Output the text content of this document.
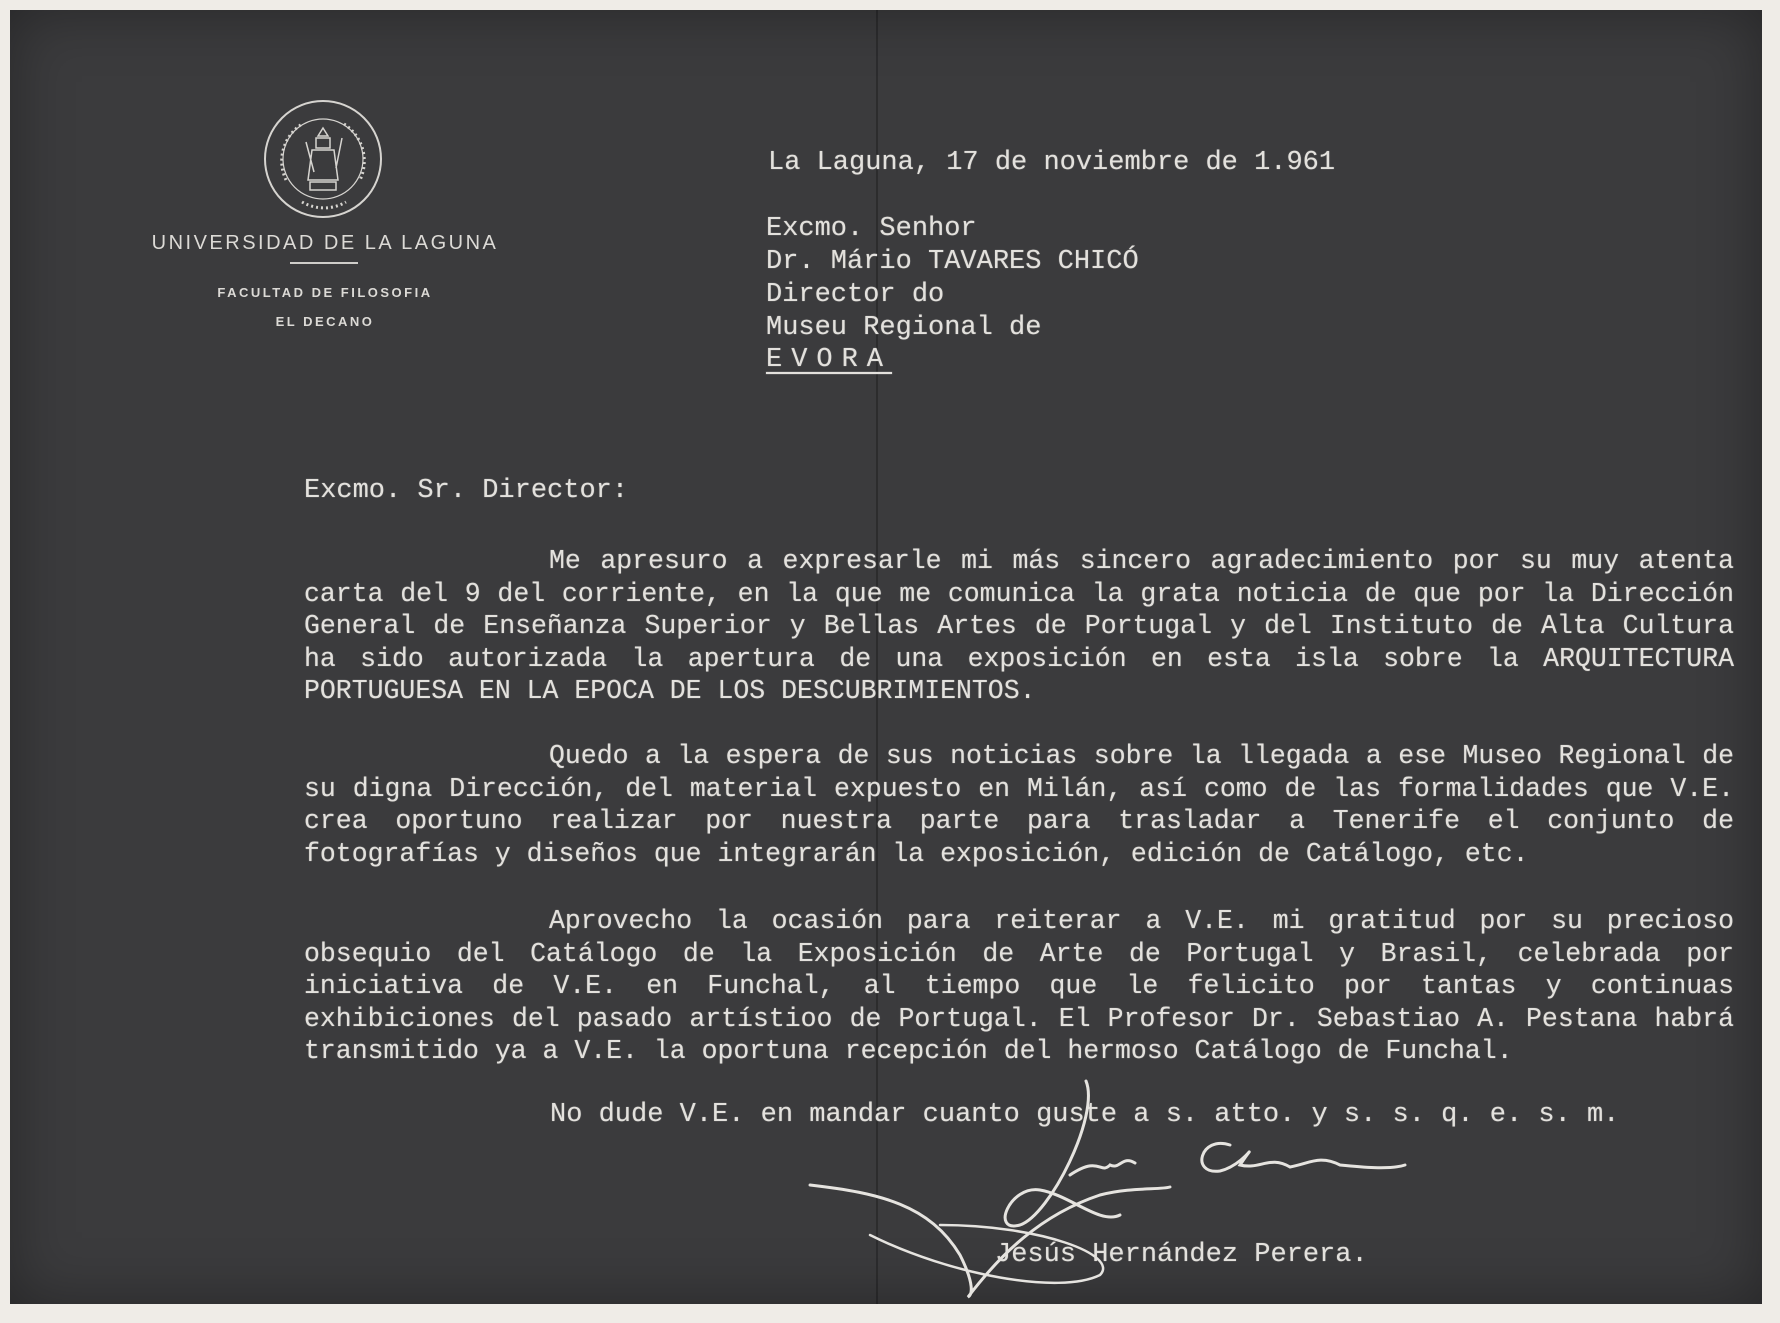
UNIVERSIDAD DE LA LAGUNA
FACULTAD DE FILOSOFIA
EL DECANO
La Laguna, 17 de noviembre de 1.961
Excmo. Senhor
Dr. Mário TAVARES CHICÓ
Director do
Museu Regional de
EVORA
Excmo. Sr. Director:
Me apresuro a expresarle mi más sincero agradecimiento por su muy atenta carta del 9 del corriente, en la que me comunica la grata noticia de que por la Dirección General de Enseñanza Superior y Bellas Artes de Portugal y del Instituto de Alta Cultura ha sido autorizada la apertura de una exposición en esta isla sobre la ARQUITECTURA PORTUGUESA EN LA EPOCA DE LOS DESCUBRIMIENTOS.
Quedo a la espera de sus noticias sobre la llegada a ese Museo Regional de su digna Dirección, del material expuesto en Milán, así como de las formalidades que V.E. crea oportuno realizar por nuestra parte para trasladar a Tenerife el conjunto de fotografías y diseños que integrarán la exposición, edición de Catálogo, etc.
Aprovecho la ocasión para reiterar a V.E. mi gratitud por su precioso obsequio del Catálogo de la Exposición de Arte de Portugal y Brasil, celebrada por iniciativa de V.E. en Funchal, al tiempo que le felicito por tantas y continuas exhibiciones del pasado artístioo de Portugal. El Profesor Dr. Sebastiao A. Pestana habrá transmitido ya a V.E. la oportuna recepción del hermoso Catálogo de Funchal.
No dude V.E. en mandar cuanto guste a s. atto. y s. s. q. e. s. m.
Jesús Hernández Perera.
